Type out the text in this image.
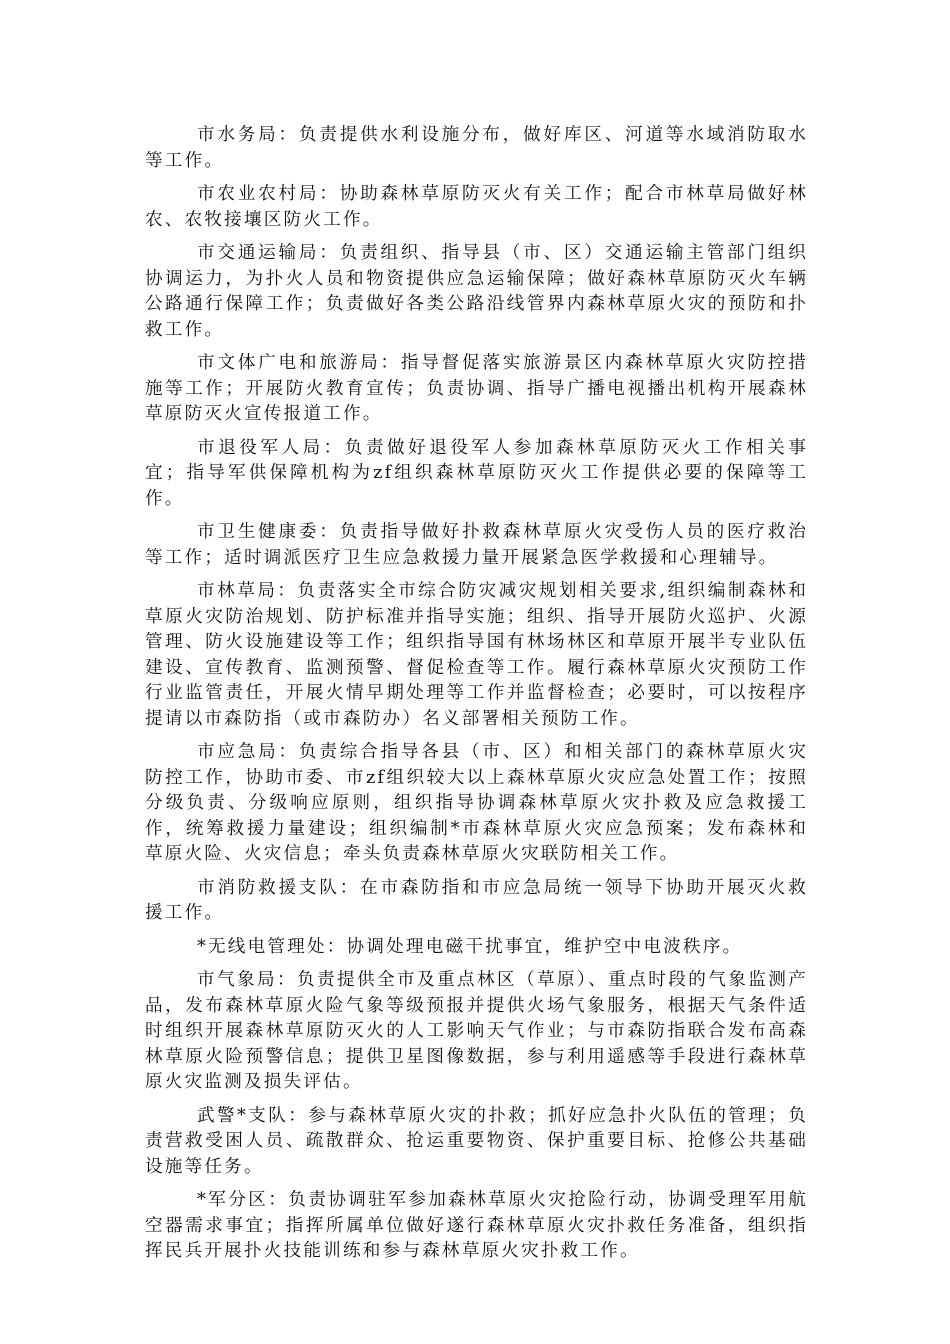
市水务局：负责提供水利设施分布，做好库区、河道等水域消防取水等工作。

市农业农村局：协助森林草原防灭火有关工作；配合市林草局做好林农、农牧接壤区防火工作。

市交通运输局：负责组织、指导县（市、区）交通运输主管部门组织协调运力，为扑火人员和物资提供应急运输保障；做好森林草原防灭火车辆公路通行保障工作；负责做好各类公路沿线管界内森林草原火灾的预防和扑救工作。

市文体广电和旅游局：指导督促落实旅游景区内森林草原火灾防控措施等工作；开展防火教育宣传；负责协调、指导广播电视播出机构开展森林草原防灭火宣传报道工作。

市退役军人局：负责做好退役军人参加森林草原防灭火工作相关事宜；指导军供保障机构为zf组织森林草原防灭火工作提供必要的保障等工作。

市卫生健康委：负责指导做好扑救森林草原火灾受伤人员的医疗救治等工作；适时调派医疗卫生应急救援力量开展紧急医学救援和心理辅导。

市林草局：负责落实全市综合防灾减灾规划相关要求,组织编制森林和草原火灾防治规划、防护标准并指导实施；组织、指导开展防火巡护、火源管理、防火设施建设等工作；组织指导国有林场林区和草原开展半专业队伍建设、宣传教育、监测预警、督促检查等工作。履行森林草原火灾预防工作行业监管责任，开展火情早期处理等工作并监督检查；必要时，可以按程序提请以市森防指（或市森防办）名义部署相关预防工作。

市应急局：负责综合指导各县（市、区）和相关部门的森林草原火灾防控工作，协助市委、市zf组织较大以上森林草原火灾应急处置工作；按照分级负责、分级响应原则，组织指导协调森林草原火灾扑救及应急救援工作，统筹救援力量建设；组织编制*市森林草原火灾应急预案；发布森林和草原火险、火灾信息；牵头负责森林草原火灾联防相关工作。

市消防救援支队：在市森防指和市应急局统一领导下协助开展灭火救援工作。

*无线电管理处：协调处理电磁干扰事宜，维护空中电波秩序。

市气象局：负责提供全市及重点林区（草原）、重点时段的气象监测产品，发布森林草原火险气象等级预报并提供火场气象服务，根据天气条件适时组织开展森林草原防灭火的人工影响天气作业；与市森防指联合发布高森林草原火险预警信息；提供卫星图像数据，参与利用遥感等手段进行森林草原火灾监测及损失评估。

武警*支队：参与森林草原火灾的扑救；抓好应急扑火队伍的管理；负责营救受困人员、疏散群众、抢运重要物资、保护重要目标、抢修公共基础设施等任务。

*军分区：负责协调驻军参加森林草原火灾抢险行动，协调受理军用航空器需求事宜；指挥所属单位做好遂行森林草原火灾扑救任务准备，组织指挥民兵开展扑火技能训练和参与森林草原火灾扑救工作。
